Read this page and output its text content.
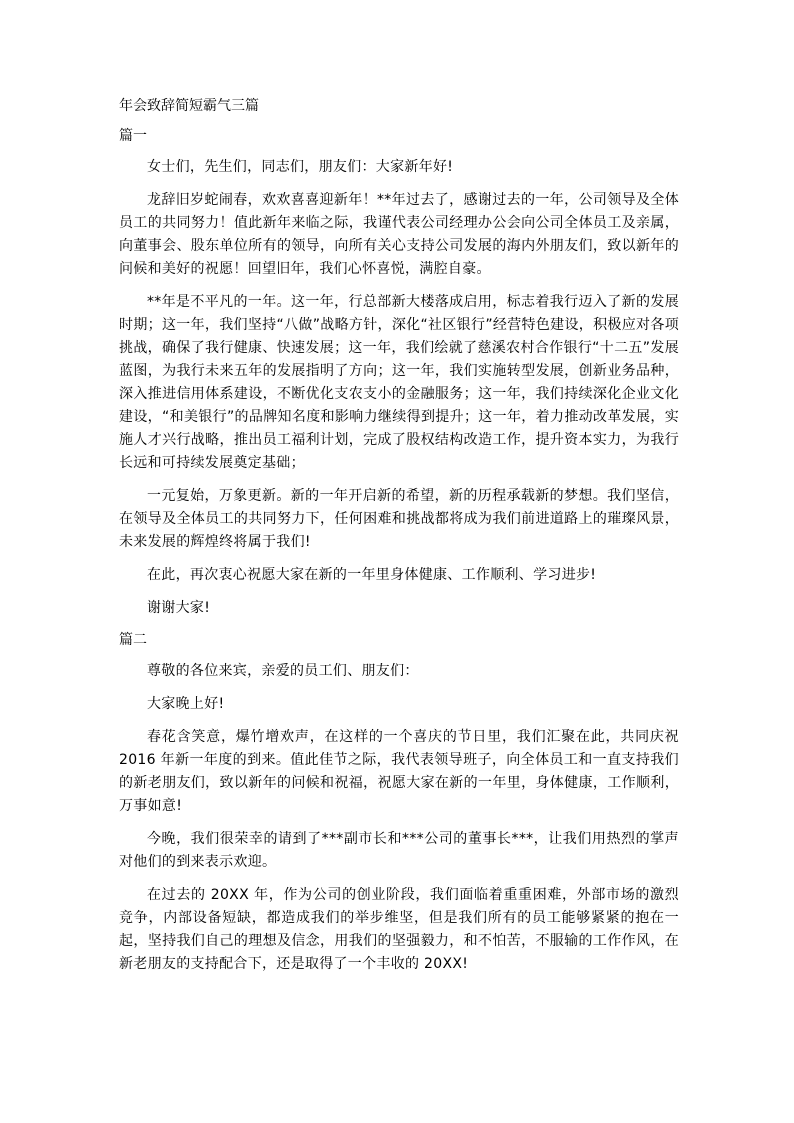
年会致辞简短霸气三篇
篇一

女士们，先生们，同志们，朋友们：大家新年好!

龙辞旧岁蛇闹春，欢欢喜喜迎新年！**年过去了，感谢过去的一年，公司领导及全体员工的共同努力！值此新年来临之际，我谨代表公司经理办公会向公司全体员工及亲属，向董事会、股东单位所有的领导，向所有关心支持公司发展的海内外朋友们，致以新年的问候和美好的祝愿！回望旧年，我们心怀喜悦，满腔自豪。

**年是不平凡的一年。这一年，行总部新大楼落成启用，标志着我行迈入了新的发展时期；这一年，我们坚持“八做”战略方针，深化“社区银行”经营特色建设，积极应对各项挑战，确保了我行健康、快速发展；这一年，我们绘就了慈溪农村合作银行“十二五”发展蓝图，为我行未来五年的发展指明了方向；这一年，我们实施转型发展，创新业务品种，深入推进信用体系建设，不断优化支农支小的金融服务；这一年，我们持续深化企业文化建设，“和美银行”的品牌知名度和影响力继续得到提升；这一年，着力推动改革发展，实施人才兴行战略，推出员工福利计划，完成了股权结构改造工作，提升资本实力，为我行长远和可持续发展奠定基础；

一元复始，万象更新。新的一年开启新的希望，新的历程承载新的梦想。我们坚信，在领导及全体员工的共同努力下，任何困难和挑战都将成为我们前进道路上的璀璨风景，未来发展的辉煌终将属于我们!

在此，再次衷心祝愿大家在新的一年里身体健康、工作顺利、学习进步!

谢谢大家!

篇二

尊敬的各位来宾，亲爱的员工们、朋友们：

大家晚上好!

春花含笑意，爆竹增欢声，在这样的一个喜庆的节日里，我们汇聚在此，共同庆祝 2016 年新一年度的到来。值此佳节之际，我代表领导班子，向全体员工和一直支持我们的新老朋友们，致以新年的问候和祝福，祝愿大家在新的一年里，身体健康，工作顺利，万事如意!

今晚，我们很荣幸的请到了***副市长和***公司的董事长***，让我们用热烈的掌声对他们的到来表示欢迎。

在过去的 20XX 年，作为公司的创业阶段，我们面临着重重困难，外部市场的激烈竞争，内部设备短缺，都造成我们的举步维坚，但是我们所有的员工能够紧紧的抱在一起，坚持我们自己的理想及信念，用我们的坚强毅力，和不怕苦，不服输的工作作风，在新老朋友的支持配合下，还是取得了一个丰收的 20XX!
